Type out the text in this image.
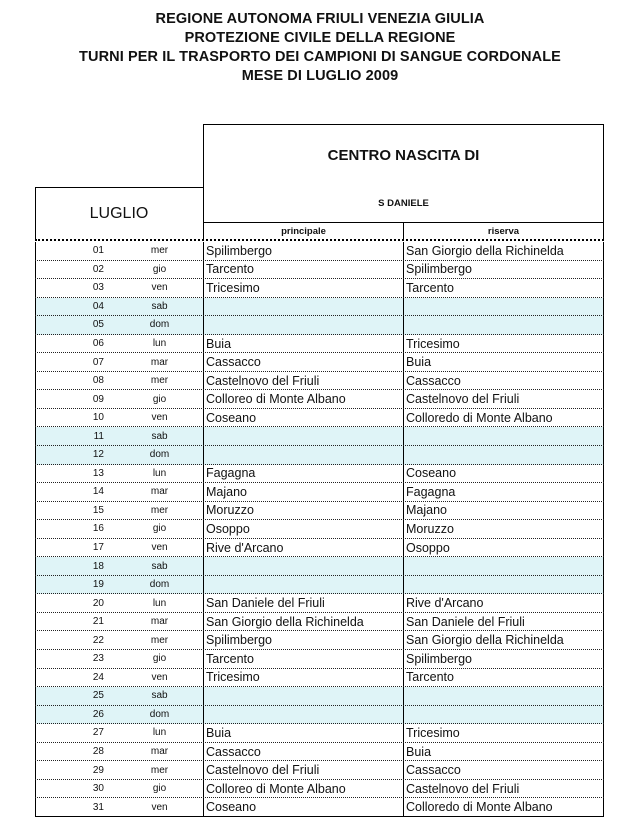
REGIONE AUTONOMA FRIULI VENEZIA GIULIA
PROTEZIONE CIVILE DELLA REGIONE
TURNI PER IL TRASPORTO DEI CAMPIONI DI SANGUE CORDONALE
MESE DI LUGLIO 2009
CENTRO NASCITA DI
S DANIELE
LUGLIO
principale	riserva
01	mer	Spilimbergo	San Giorgio della Richinelda
02	gio	Tarcento	Spilimbergo
03	ven	Tricesimo	Tarcento
04	sab
05	dom
06	lun	Buia	Tricesimo
07	mar	Cassacco	Buia
08	mer	Castelnovo del Friuli	Cassacco
09	gio	Colloreo di Monte Albano	Castelnovo del Friuli
10	ven	Coseano	Colloredo di Monte Albano
11	sab
12	dom
13	lun	Fagagna	Coseano
14	mar	Majano	Fagagna
15	mer	Moruzzo	Majano
16	gio	Osoppo	Moruzzo
17	ven	Rive d'Arcano	Osoppo
18	sab
19	dom
20	lun	San Daniele del Friuli	Rive d'Arcano
21	mar	San Giorgio della Richinelda	San Daniele del Friuli
22	mer	Spilimbergo	San Giorgio della Richinelda
23	gio	Tarcento	Spilimbergo
24	ven	Tricesimo	Tarcento
25	sab
26	dom
27	lun	Buia	Tricesimo
28	mar	Cassacco	Buia
29	mer	Castelnovo del Friuli	Cassacco
30	gio	Colloreo di Monte Albano	Castelnovo del Friuli
31	ven	Coseano	Colloredo di Monte Albano
